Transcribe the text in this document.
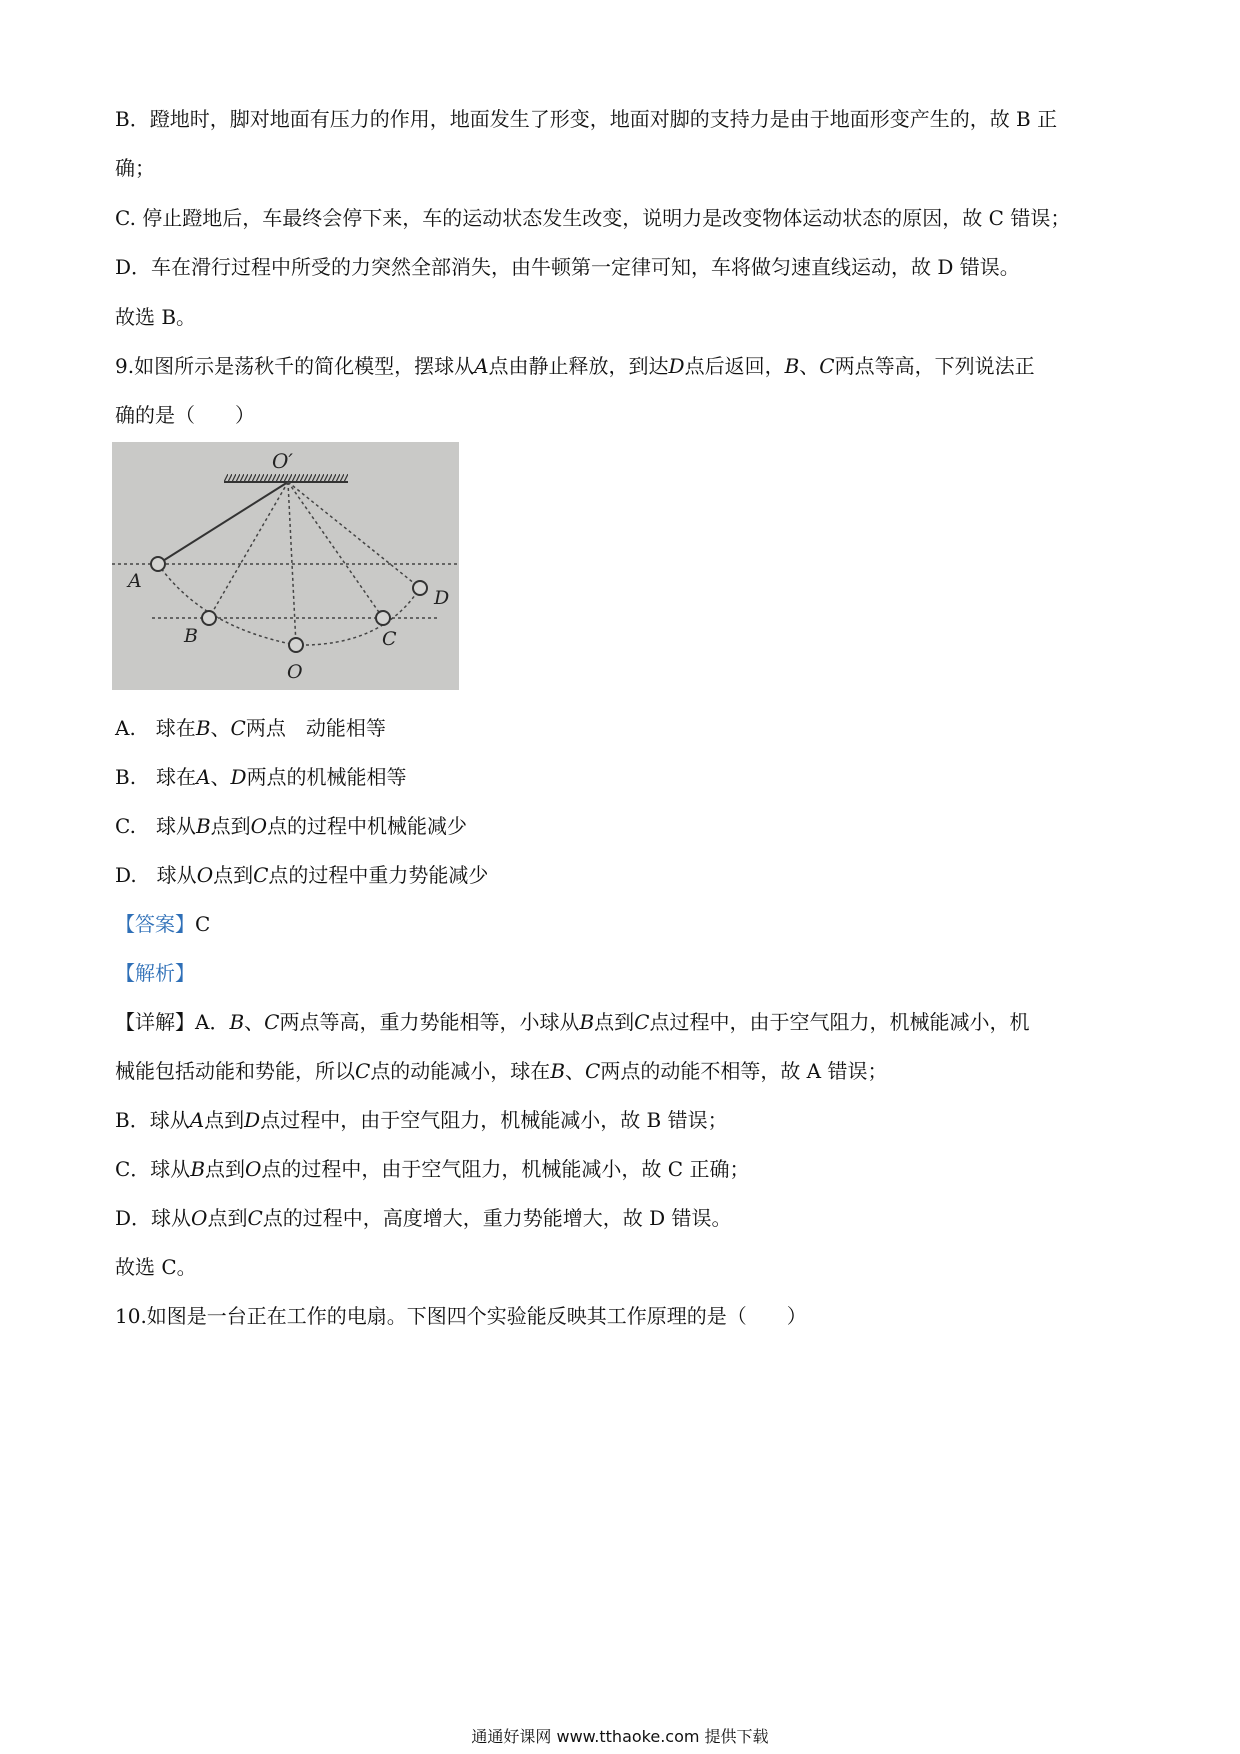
B．蹬地时，脚对地面有压力的作用，地面发生了形变，地面对脚的支持力是由于地面形变产生的，故 B 正
确；
C. 停止蹬地后，车最终会停下来，车的运动状态发生改变，说明力是改变物体运动状态的原因，故 C 错误；
D．车在滑行过程中所受的力突然全部消失，由牛顿第一定律可知，车将做匀速直线运动，故 D 错误。
故选 B。
9.如图所示是荡秋千的简化模型，摆球从A点由静止释放，到达D点后返回，B、C两点等高，下列说法正
确的是（　　）
O′
A
B
O
C
D
A.　球在B、C两点　动能相等
B.　球在A、D两点的机械能相等
C.　球从B点到O点的过程中机械能减少
D.　球从O点到C点的过程中重力势能减少
【答案】C
【解析】
【详解】A．B、C两点等高，重力势能相等，小球从B点到C点过程中，由于空气阻力，机械能减小，机
械能包括动能和势能，所以C点的动能减小，球在B、C两点的动能不相等，故 A 错误；
B．球从A点到D点过程中，由于空气阻力，机械能减小，故 B 错误；
C．球从B点到O点的过程中，由于空气阻力，机械能减小，故 C 正确；
D．球从O点到C点的过程中，高度增大，重力势能增大，故 D 错误。
故选 C。
10.如图是一台正在工作的电扇。下图四个实验能反映其工作原理的是（　　）
通通好课网 www.tthaoke.com 提供下载
